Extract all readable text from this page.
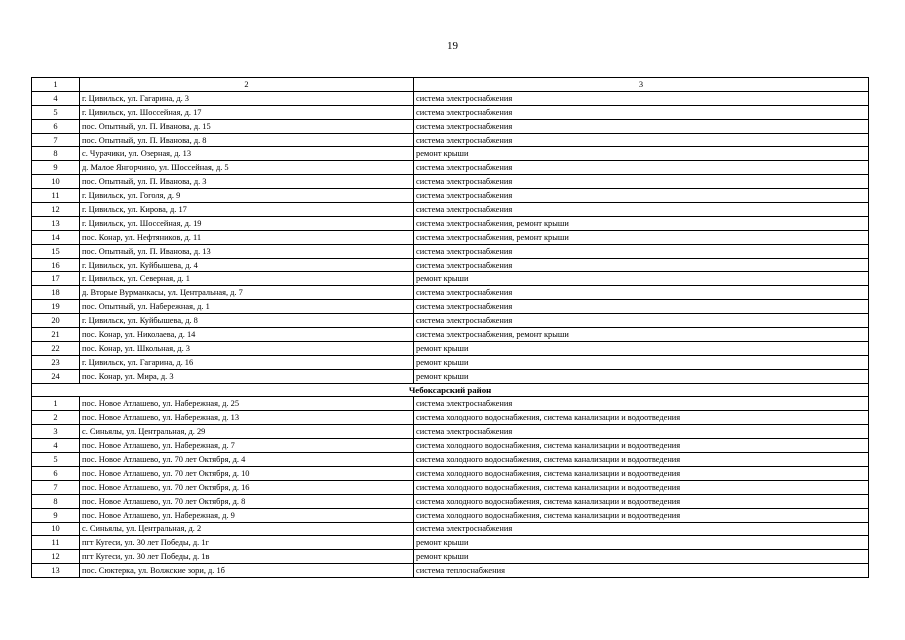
19
1	2	3
4	г. Цивильск, ул. Гагарина, д. 3	система электроснабжения
5	г. Цивильск, ул. Шоссейная, д. 17	система электроснабжения
6	пос. Опытный, ул. П. Иванова, д. 15	система электроснабжения
7	пос. Опытный, ул. П. Иванова, д. 8	система электроснабжения
8	с. Чурачики, ул. Озерная, д. 13	ремонт крыши
9	д. Малое Янгорчино, ул. Шоссейная, д. 5	система электроснабжения
10	пос. Опытный, ул. П. Иванова, д. 3	система электроснабжения
11	г. Цивильск, ул. Гоголя, д. 9	система электроснабжения
12	г. Цивильск, ул. Кирова, д. 17	система электроснабжения
13	г. Цивильск, ул. Шоссейная, д. 19	система электроснабжения, ремонт крыши
14	пос. Конар, ул. Нефтяников, д. 11	система электроснабжения, ремонт крыши
15	пос. Опытный, ул. П. Иванова, д. 13	система электроснабжения
16	г. Цивильск, ул. Куйбышева, д. 4	система электроснабжения
17	г. Цивильск, ул. Северная, д. 1	ремонт крыши
18	д. Вторые Вурманкасы, ул. Центральная, д. 7	система электроснабжения
19	пос. Опытный, ул. Набережная, д. 1	система электроснабжения
20	г. Цивильск, ул. Куйбышева, д. 8	система электроснабжения
21	пос. Конар, ул. Николаева, д. 14	система электроснабжения, ремонт крыши
22	пос. Конар, ул. Школьная, д. 3	ремонт крыши
23	г. Цивильск, ул. Гагарина, д. 16	ремонт крыши
24	пос. Конар, ул. Мира, д. 3	ремонт крыши
Чебоксарский район		
1	пос. Новое Атлашево, ул. Набережная, д. 25	система электроснабжения
2	пос. Новое Атлашево, ул. Набережная, д. 13	система холодного водоснабжения, система канализации и водоотведения
3	с. Синьялы, ул. Центральная, д. 29	система электроснабжения
4	пос. Новое Атлашево, ул. Набережная, д. 7	система холодного водоснабжения, система канализации и водоотведения
5	пос. Новое Атлашево, ул. 70 лет Октября, д. 4	система холодного водоснабжения, система канализации и водоотведения
6	пос. Новое Атлашево, ул. 70 лет Октября, д. 10	система холодного водоснабжения, система канализации и водоотведения
7	пос. Новое Атлашево, ул. 70 лет Октября, д. 16	система холодного водоснабжения, система канализации и водоотведения
8	пос. Новое Атлашево, ул. 70 лет Октября, д. 8	система холодного водоснабжения, система канализации и водоотведения
9	пос. Новое Атлашево, ул. Набережная, д. 9	система холодного водоснабжения, система канализации и водоотведения
10	с. Синьялы, ул. Центральная, д. 2	система электроснабжения
11	пгт Кугеси, ул. 30 лет Победы, д. 1г	ремонт крыши
12	пгт Кугеси, ул. 30 лет Победы, д. 1в	ремонт крыши
13	пос. Сюктерка, ул. Волжские зори, д. 1б	система теплоснабжения
